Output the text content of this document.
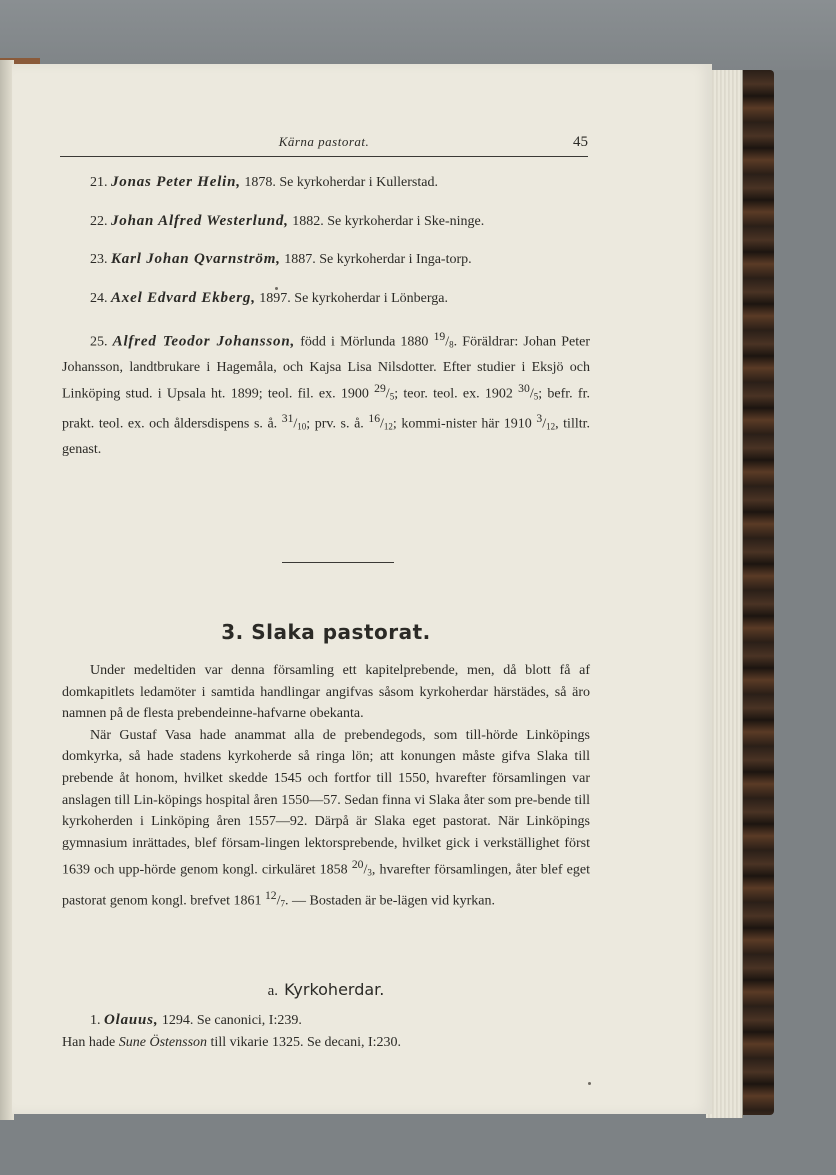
Kärna pastorat.	45

21. Jonas Peter Helin, 1878. Se kyrkoherdar i Kullerstad.

22. Johan Alfred Westerlund, 1882. Se kyrkoherdar i Ske-ninge.

23. Karl Johan Qvarnström, 1887. Se kyrkoherdar i Inga-torp.

24. Axel Edvard Ekberg, 1897. Se kyrkoherdar i Lönberga.

25. Alfred Teodor Johansson, född i Mörlunda 1880 $^{19}/_8$. Föräldrar: Johan Peter Johansson, landtbrukare i Hagemåla, och Kajsa Lisa Nilsdotter. Efter studier i Eksjö och Linköping stud. i Upsala ht. 1899; teol. fil. ex. 1900 $^{29}/_5$; teor. teol. ex. 1902 $^{30}/_5$; befr. fr. prakt. teol. ex. och åldersdispens s. å. $^{31}/_{10}$; prv. s. å. $^{16}/_{12}$; kommi-nister här 1910 $^3/_{12}$, tilltr. genast.

3. Slaka pastorat.

Under medeltiden var denna församling ett kapitelprebende, men, då blott få af domkapitlets ledamöter i samtida handlingar angifvas såsom kyrkoherdar härstädes, så äro namnen på de flesta prebendeinne-hafvarne obekanta.

När Gustaf Vasa hade anammat alla de prebendegods, som till-hörde Linköpings domkyrka, så hade stadens kyrkoherde så ringa lön; att konungen måste gifva Slaka till prebende åt honom, hvilket skedde 1545 och fortfor till 1550, hvarefter församlingen var anslagen till Lin-köpings hospital åren 1550—57. Sedan finna vi Slaka åter som pre-bende till kyrkoherden i Linköping åren 1557—92. Därpå är Slaka eget pastorat. När Linköpings gymnasium inrättades, blef försam-lingen lektorsprebende, hvilket gick i verkställighet först 1639 och upp-hörde genom kongl. cirkuläret 1858 $^{20}/_3$, hvarefter församlingen, åter blef eget pastorat genom kongl. brefvet 1861 $^{12}/_7$. — Bostaden är be-lägen vid kyrkan.

a. Kyrkoherdar.

1. Olauus, 1294. Se canonici, I:239.

Han hade Sune Östensson till vikarie 1325. Se decani, I:230.
